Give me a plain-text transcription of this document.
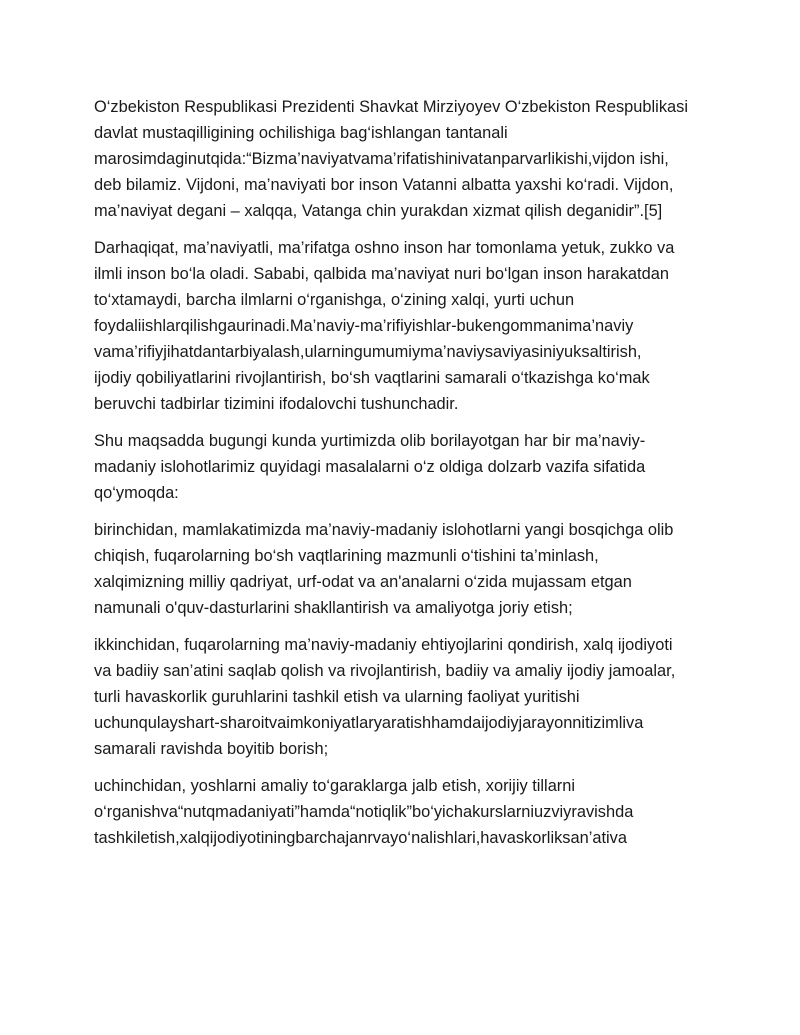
O‘zbekiston Respublikasi Prezidenti Shavkat Mirziyoyev O‘zbekiston Respublikasi
davlat mustaqilligining ochilishiga bag‘ishlangan tantanali
marosimdaginutqida:“Bizma’naviyatvama’rifatishinivatanparvarlikishi,vijdon ishi,
deb bilamiz. Vijdoni, ma’naviyati bor inson Vatanni albatta yaxshi ko‘radi. Vijdon,
ma’naviyat degani – xalqqa, Vatanga chin yurakdan xizmat qilish deganidir”.[5]

Darhaqiqat, ma’naviyatli, ma’rifatga oshno inson har tomonlama yetuk, zukko va
ilmli inson bo‘la oladi. Sababi, qalbida ma’naviyat nuri bo‘lgan inson harakatdan
to‘xtamaydi, barcha ilmlarni o‘rganishga, o‘zining xalqi, yurti uchun
foydaliishlarqilishgaurinadi.Ma’naviy-ma’rifiyishlar-bukengommanima’naviy
vama’rifiyjihatdantarbiyalash,ularningumumiyma’naviysaviyasiniyuksaltirish,
ijodiy qobiliyatlarini rivojlantirish, bo‘sh vaqtlarini samarali o‘tkazishga ko‘mak
beruvchi tadbirlar tizimini ifodalovchi tushunchadir.

Shu maqsadda bugungi kunda yurtimizda olib borilayotgan har bir ma’naviy-
madaniy islohotlarimiz quyidagi masalalarni o‘z oldiga dolzarb vazifa sifatida
qo‘ymoqda:

birinchidan, mamlakatimizda ma’naviy-madaniy islohotlarni yangi bosqichga olib
chiqish, fuqarolarning bo‘sh vaqtlarining mazmunli o‘tishini ta’minlash,
xalqimizning milliy qadriyat, urf-odat va an'analarni o‘zida mujassam etgan
namunali o'quv-dasturlarini shakllantirish va amaliyotga joriy etish;

ikkinchidan, fuqarolarning ma’naviy-madaniy ehtiyojlarini qondirish, xalq ijodiyoti
va badiiy san’atini saqlab qolish va rivojlantirish, badiiy va amaliy ijodiy jamoalar,
turli havaskorlik guruhlarini tashkil etish va ularning faoliyat yuritishi
uchunqulayshart-sharoitvaimkoniyatlaryaratishhamdaijodiyjarayonnitizimliva
samarali ravishda boyitib borish;

uchinchidan, yoshlarni amaliy to‘garaklarga jalb etish, xorijiy tillarni
o‘rganishva“nutqmadaniyati”hamda“notiqlik”bo‘yichakurslarniuzviyravishda
tashkiletish,xalqijodiyotiningbarchajanrvayo‘nalishlari,havaskorliksan’ativa
